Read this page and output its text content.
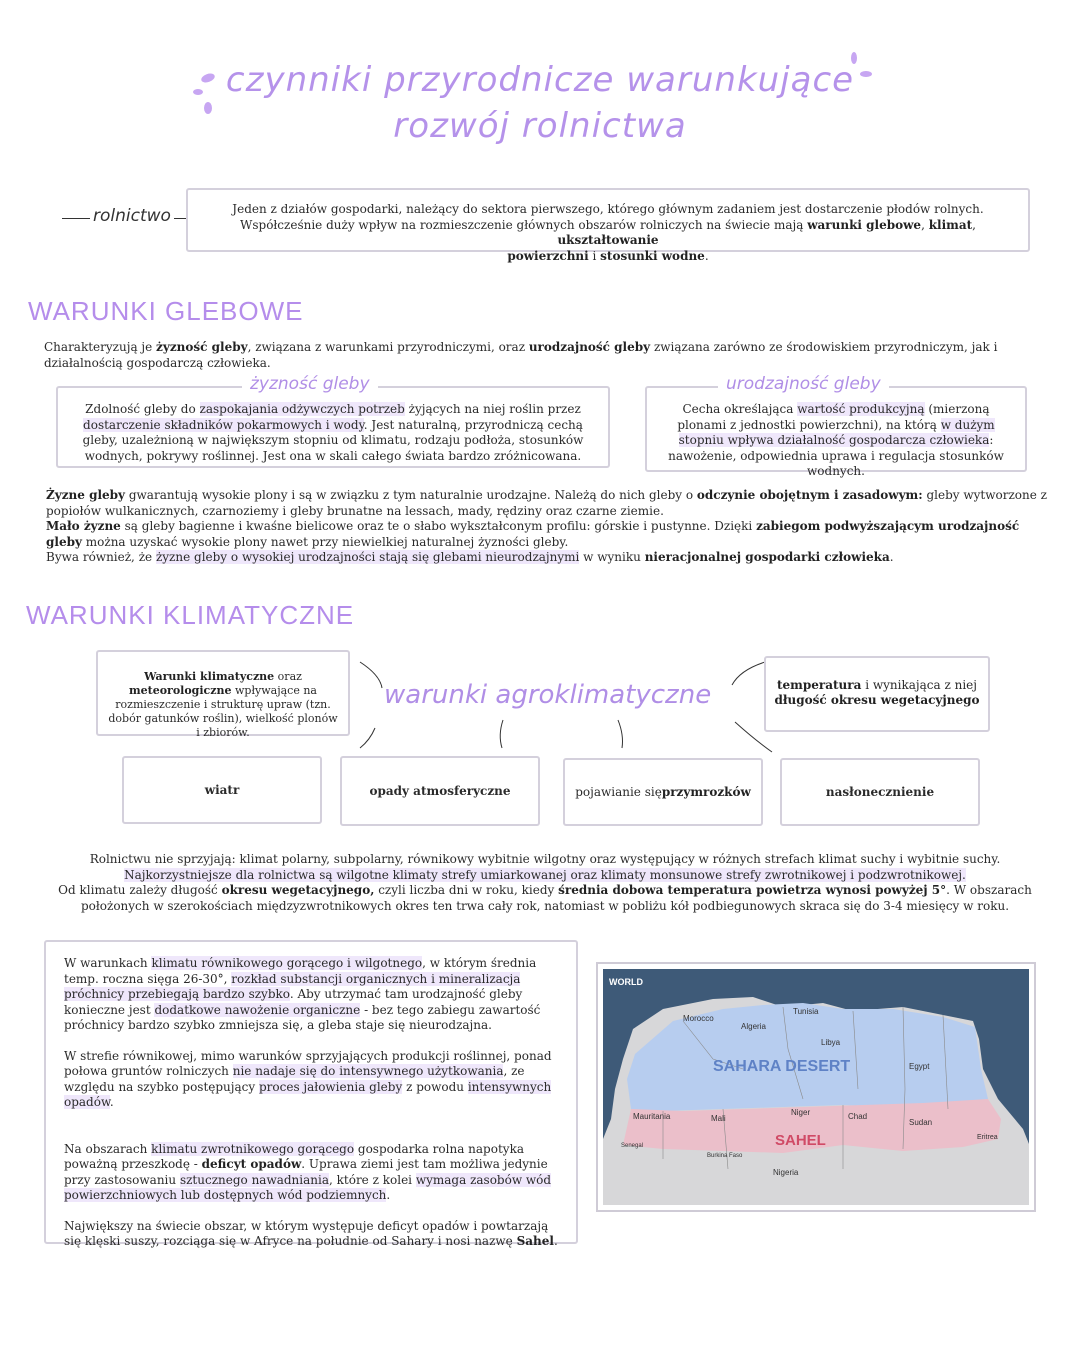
czynniki przyrodnicze warunkujące
rozwój rolnictwa
rolnictwo	Jeden z działów gospodarki, należący do sektora pierwszego, którego głównym zadaniem jest dostarczenie płodów rolnych.

Współcześnie duży wpływ na rozmieszczenie głównych obszarów rolniczych na świecie mają warunki glebowe, klimat, ukształtowanie

powierzchni i stosunki wodne.

WARUNKI GLEBOWE

Charakteryzują je żyzność gleby, związana z warunkami przyrodniczymi, oraz urodzajność gleby związana zarówno ze środowiskiem przyrodniczym, jak i działalnością gospodarczą człowieka.

Zdolność gleby do zaspokajania odżywczych potrzeb żyjących na niej roślin przez dostarczenie składników pokarmowych i wody. Jest naturalną, przyrodniczą cechą gleby, uzależnioną w największym stopniu od klimatu, rodzaju podłoża, stosunków wodnych, pokrywy roślinnej. Jest ona w skali całego świata bardzo zróżnicowana.
żyzność gleby
Cecha określająca wartość produkcyjną (mierzoną plonami z jednostki powierzchni), na którą w dużym stopniu wpływa działalność gospodarcza człowieka: nawożenie, odpowiednia uprawa i regulacja stosunków wodnych.
urodzajność gleby

Żyzne gleby gwarantują wysokie plony i są w związku z tym naturalnie urodzajne. Należą do nich gleby o odczynie obojętnym i zasadowym: gleby wytworzone z popiołów wulkanicznych, czarnoziemy i gleby brunatne na lessach, mady, rędziny oraz czarne ziemie.

Mało żyzne są gleby bagienne i kwaśne bielicowe oraz te o słabo wykształconym profilu: górskie i pustynne. Dzięki zabiegom podwyższającym urodzajność gleby można uzyskać wysokie plony nawet przy niewielkiej naturalnej żyzności gleby.

Bywa również, że żyzne gleby o wysokiej urodzajności stają się glebami nieurodzajnymi w wyniku nieracjonalnej gospodarki człowieka.

WARUNKI KLIMATYCZNE
Warunki klimatyczne oraz meteorologiczne wpływające na rozmieszczenie i strukturę upraw (tzn. dobór gatunków roślin), wielkość plonów i zbiorów.
warunki agroklimatyczne	temperatura i wynikająca z niej długość okresu wegetacyjnego
wiatr	opady atmosferyczne	pojawianie się przymrozków	nasłonecznienie

Rolnictwu nie sprzyjają: klimat polarny, subpolarny, równikowy wybitnie wilgotny oraz występujący w różnych strefach klimat suchy i wybitnie suchy.

Najkorzystniejsze dla rolnictwa są wilgotne klimaty strefy umiarkowanej oraz klimaty monsunowe strefy zwrotnikowej i podzwrotnikowej.

Od klimatu zależy długość okresu wegetacyjnego, czyli liczba dni w roku, kiedy średnia dobowa temperatura powietrza wynosi powyżej 5°. W obszarach położonych w szerokościach międzyzwrotnikowych okres ten trwa cały rok, natomiast w pobliżu kół podbiegunowych skraca się do 3-4 miesięcy w roku.

W warunkach klimatu równikowego gorącego i wilgotnego, w którym średnia temp. roczna sięga 26-30°, rozkład substancji organicznych i mineralizacja próchnicy przebiegają bardzo szybko. Aby utrzymać tam urodzajność gleby konieczne jest dodatkowe nawożenie organiczne - bez tego zabiegu zawartość próchnicy bardzo szybko zmniejsza się, a gleba staje się nieurodzajna.

W strefie równikowej, mimo warunków sprzyjających produkcji roślinnej, ponad połowa gruntów rolniczych nie nadaje się do intensywnego użytkowania, ze względu na szybko postępujący proces jałowienia gleby z powodu intensywnych opadów.

Na obszarach klimatu zwrotnikowego gorącego gospodarka rolna napotyka poważną przeszkodę - deficyt opadów. Uprawa ziemi jest tam możliwa jedynie przy zastosowaniu sztucznego nawadniania, które z kolei wymaga zasobów wód powierzchniowych lub dostępnych wód podziemnych.

Największy na świecie obszar, w którym występuje deficyt opadów i powtarzają się klęski suszy, rozciąga się w Afryce na południe od Sahary i nosi nazwę Sahel.

WORLD
Tunisia
Morocco
Algeria
Libya
Egypt
SAHARA DESERT
Mauritania	Mali
Niger	Chad
Sudan
Eritrea
SAHEL
Senegal
Burkina Faso
Nigeria
